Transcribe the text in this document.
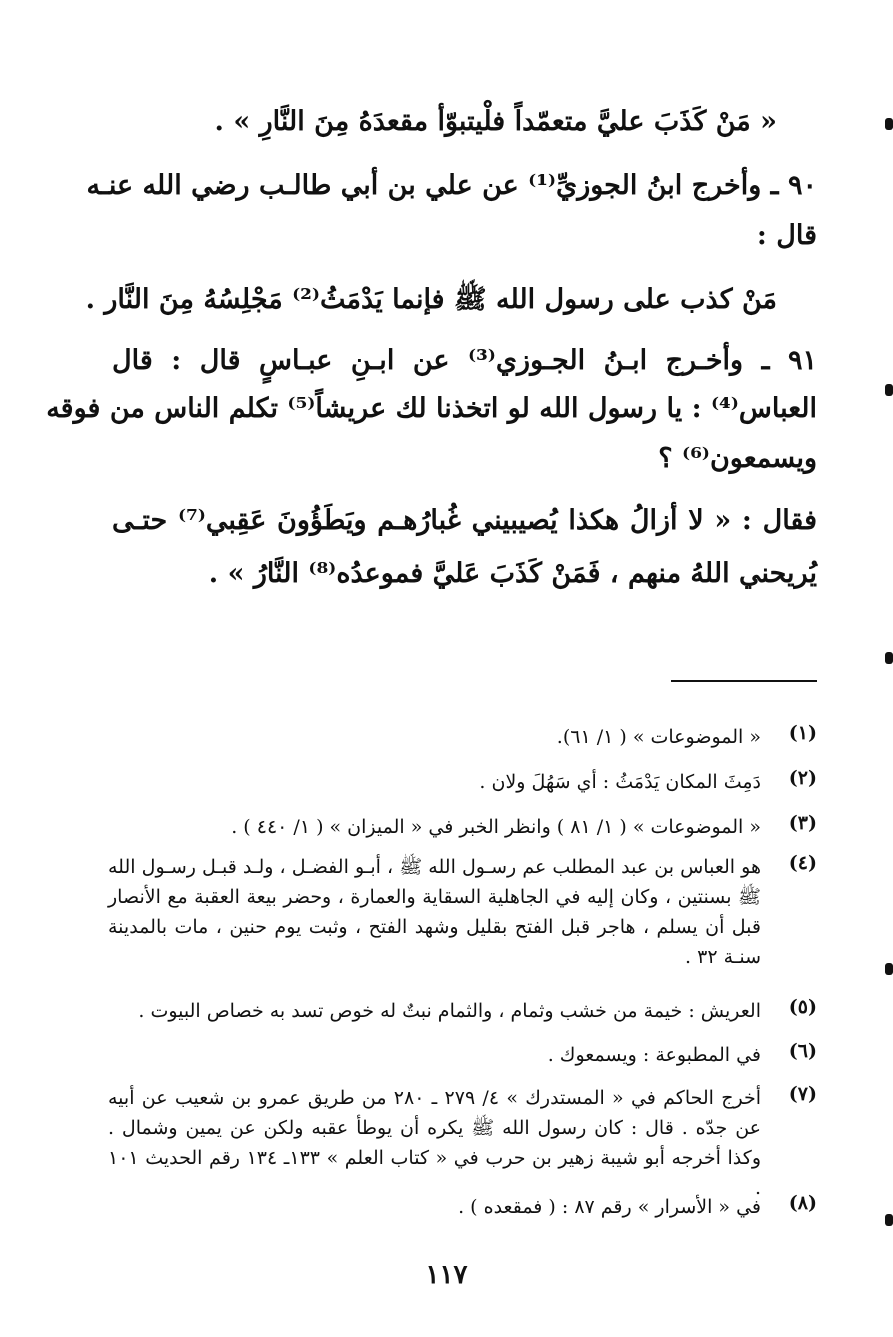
« مَنْ كَذَبَ عليَّ متعمّداً فلْيتبوّأ مقعدَهُ مِنَ النَّارِ » .
٩٠ ـ وأخرج ابنُ الجوزيِّ⁽¹⁾ عن علي بن أبي طالـب رضي الله عنـه
قال :
مَنْ كذب على رسول الله ﷺ فإنما يَدْمَثُ⁽²⁾ مَجْلِسُهُ مِنَ النَّار .
٩١ ـ وأخـرج ابـنُ الجـوزي⁽³⁾ عن ابـنِ عبـاسٍ قال : قال
العباس⁽⁴⁾ : يا رسول الله لو اتخذنا لك عريشاً⁽⁵⁾ تكلم الناس من فوقه
ويسمعون⁽⁶⁾ ؟
فقال : « لا أزالُ هكذا يُصيبيني غُبارُهـم ويَطَؤُونَ عَقِبي⁽⁷⁾ حتـى
يُريحني اللهُ منهم ، فَمَنْ كَذَبَ عَليَّ فموعدُه⁽⁸⁾ النَّارُ » .
(١)
« الموضوعات » ( ١/ ٦١).
(٢)
دَمِثَ المكان يَدْمَثُ : أي سَهُلَ ولان .
(٣)
« الموضوعات » ( ١/ ٨١ ) وانظر الخبر في « الميزان » ( ١/ ٤٤٠ ) .
(٤)
هو العباس بن عبد المطلب عم رسـول الله ﷺ ، أبـو الفضـل ، ولـد قبـل رسـول الله ﷺ بسنتين ، وكان إليه في الجاهلية السقاية والعمارة ، وحضر بيعة العقبة مع الأنصار قبل أن يسلم ، هاجر قبل الفتح بقليل وشهد الفتح ، وثبت يوم حنين ، مات بالمدينة سنـة ٣٢ .
(٥)
العريش : خيمة من خشب وثمام ، والثمام نبتٌ له خوص تسد به خصاص البيوت .
(٦)
في المطبوعة : ويسمعوك .
(٧)
أخرج الحاكم في « المستدرك » ٤/ ٢٧٩ ـ ٢٨٠ من طريق عمرو بن شعيب عن أبيه عن جدّه . قال : كان رسول الله ﷺ يكره أن يوطأ عقبه ولكن عن يمين وشمال . وكذا أخرجه أبو شيبة زهير بن حرب في « كتاب العلم » ١٣٣ـ ١٣٤ رقم الحديث ١٠١ .
(٨)
في « الأسرار » رقم ٨٧ : ( فمقعده ) .
١١٧
